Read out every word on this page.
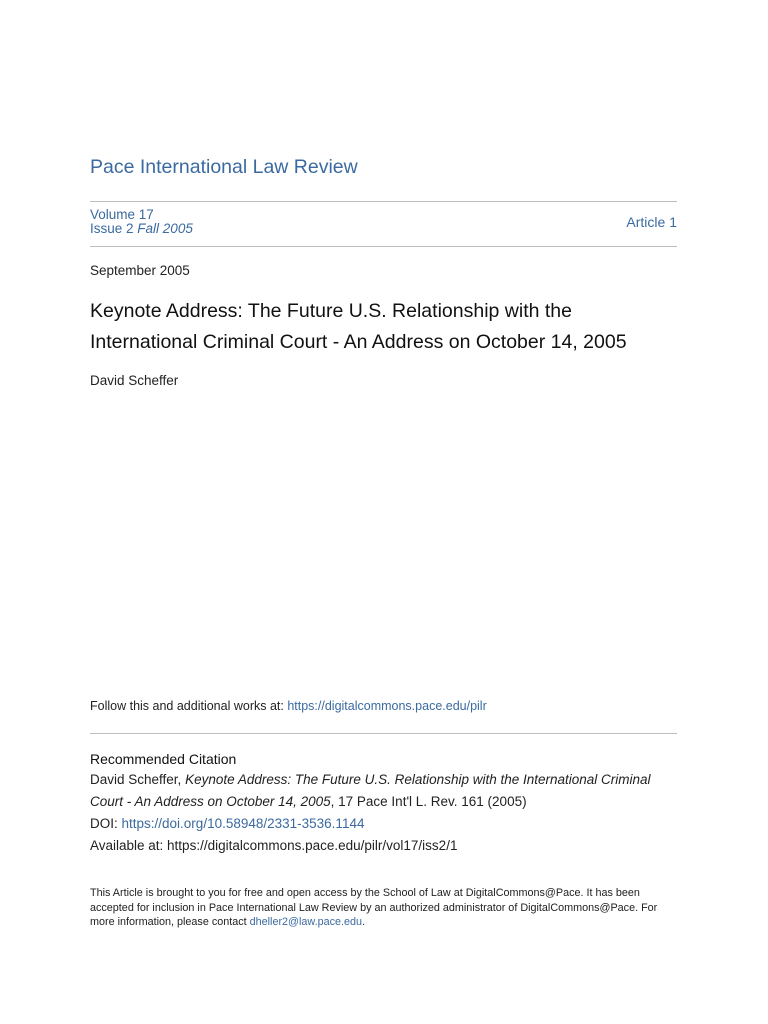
Pace International Law Review
Volume 17
Issue 2 Fall 2005	Article 1
September 2005
Keynote Address: The Future U.S. Relationship with the
International Criminal Court - An Address on October 14, 2005
David Scheffer
Follow this and additional works at: https://digitalcommons.pace.edu/pilr
Recommended Citation
David Scheffer, Keynote Address: The Future U.S. Relationship with the International Criminal Court - An Address on October 14, 2005, 17 Pace Int'l L. Rev. 161 (2005)
DOI: https://doi.org/10.58948/2331-3536.1144
Available at: https://digitalcommons.pace.edu/pilr/vol17/iss2/1
This Article is brought to you for free and open access by the School of Law at DigitalCommons@Pace. It has been accepted for inclusion in Pace International Law Review by an authorized administrator of DigitalCommons@Pace. For more information, please contact dheller2@law.pace.edu.
